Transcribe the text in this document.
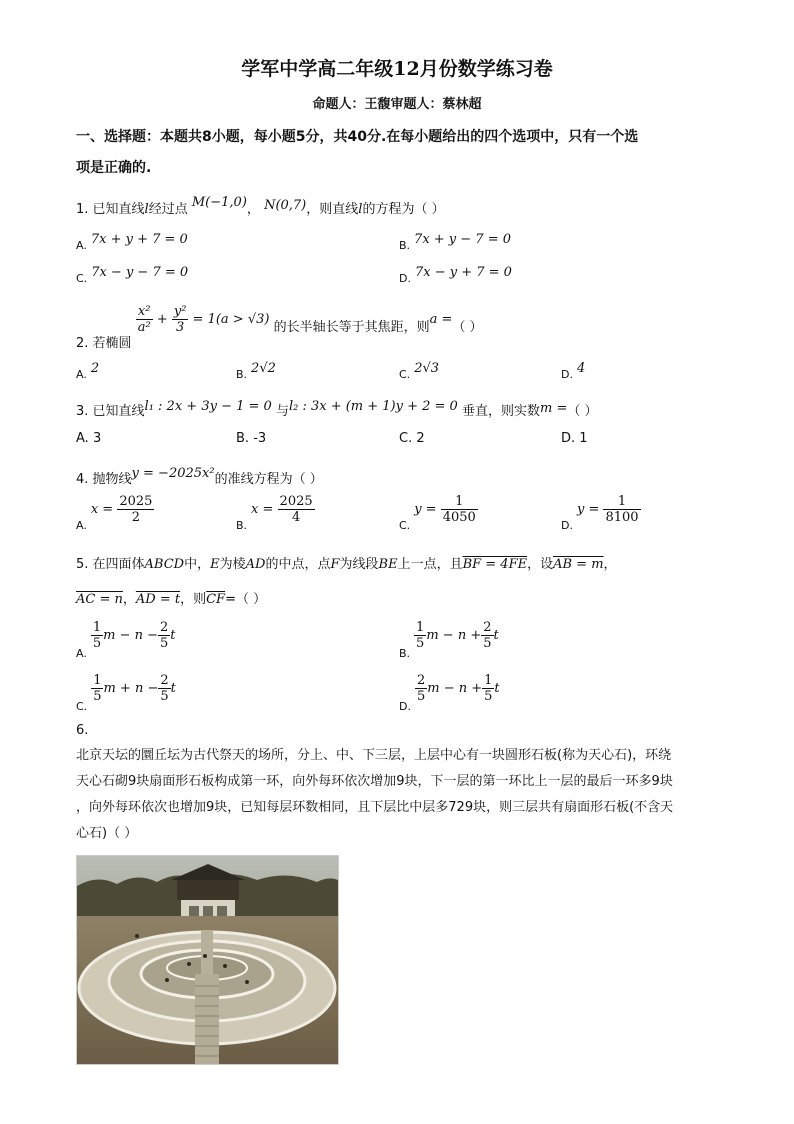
学军中学高二年级12月份数学练习卷
命题人：王馥审题人：蔡林超
一、选择题：本题共8小题，每小题5分，共40分.在每小题给出的四个选项中，只有一个选
项是正确的.
1. 已知直线l经过点 M(−1,0)， N(0,7)，则直线l的方程为（ ）
$_{A.}$ 7x + y + 7 = 0	$_{B.}$ 7x + y − 7 = 0
$_{C.}$ 7x − y − 7 = 0	$_{D.}$ 7x − y + 7 = 0
2. 若椭圆
$\frac{\text{x²}}{\text{a²}} + \frac{\text{y²}}{3} = 1(a > √3)$ 的长半轴长等于其焦距，则a =（ ）
$_{A.}$ 2	$_{B.}$ 2√2	$_{C.}$ 2√3	$_{D.}$ 4
3. 已知直线l₁ : 2x + 3y − 1 = 0 与l₂ : 3x + (m + 1)y + 2 = 0 垂直，则实数m =（ ）
A. 3	B. -3	C. 2	D. 1
4. 抛物线y = −2025x²的准线方程为（ ）
$_{A.}x = \frac{2025}{2}$
$_{B.}x = \frac{2025}{4}$
$_{C.}y = \frac{1}{4050}$
$_{D.}y = \frac{1}{8100}$
5. 在四面体ABCD中，E为棱AD的中点，点F为线段BE上一点，且BF = 4FE，设AB = m，
AC = n，AD = t，则$\overline{CF}=$（ ）
$_{A.}$
$\frac{1}{5}$ $m - n - \frac{2}{5}$ t
$_{B.}$
$\frac{1}{5}$ $m - n + \frac{2}{5}$ t
$_{C.}$
$\frac{1}{5}$ $m + n - \frac{2}{5}$ t
$_{D.}$
$\frac{2}{5}$ $m - n + \frac{1}{5}$ t
6.
北京天坛的圜丘坛为古代祭天的场所，分上、中、下三层，上层中心有一块圆形石板(称为天心石)，环绕
天心石砌9块扇面形石板构成第一环，向外每环依次增加9块，下一层的第一环比上一层的最后一环多9块
，向外每环依次也增加9块，已知每层环数相同，且下层比中层多729块，则三层共有扇面形石板(不含天
心石)（ ）
